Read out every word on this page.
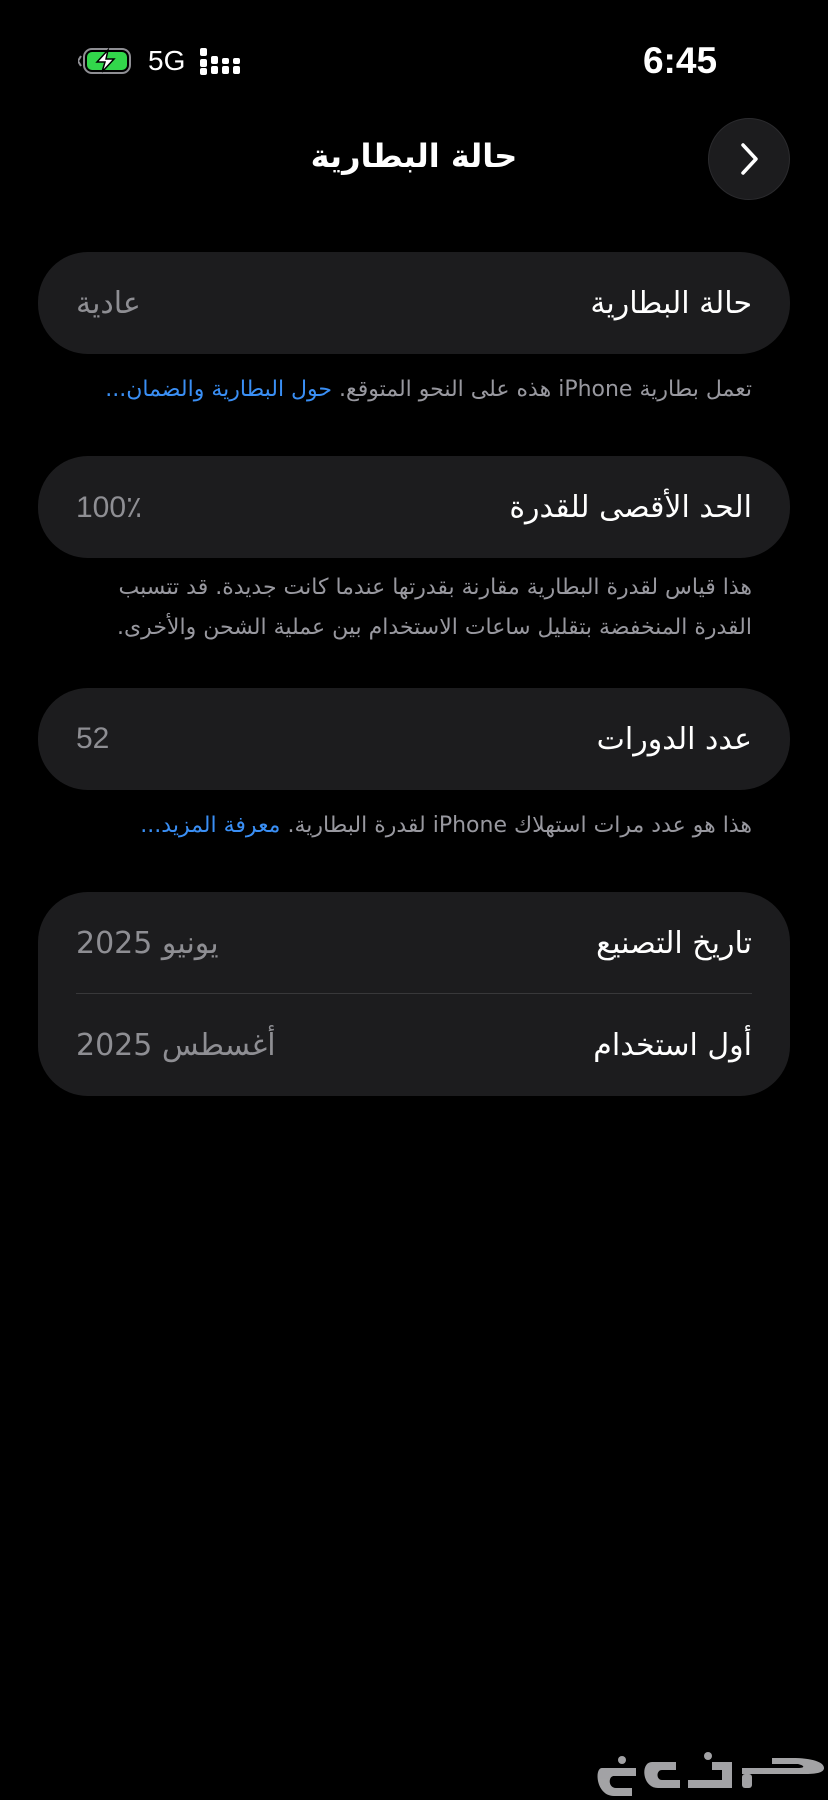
5G	6:45
حالة البطارية
حالة البطارية
عادية
تعمل بطارية iPhone هذه على النحو المتوقع. حول البطارية والضمان...
الحد الأقصى للقدرة
100٪
هذا قياس لقدرة البطارية مقارنة بقدرتها عندما كانت جديدة. قد تتسبب القدرة المنخفضة بتقليل ساعات الاستخدام بين عملية الشحن والأخرى.
عدد الدورات
52
هذا هو عدد مرات استهلاك iPhone لقدرة البطارية. معرفة المزيد...
تاريخ التصنيع
يونيو 2025
أول استخدام
أغسطس 2025
